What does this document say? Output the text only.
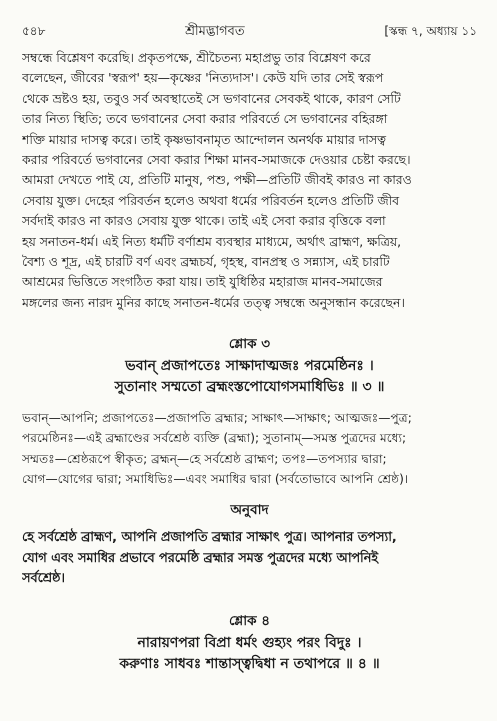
৫৪৮	শ্রীমদ্ভাগবত	[স্কন্ধ ৭, অধ্যায় ১১
সম্বন্ধে বিশ্লেষণ করেছি। প্রকৃতপক্ষে, শ্রীচৈতন্য মহাপ্রভু তার বিশ্লেষণ করে
বলেছেন, জীবের 'স্বরূপ' হয়—কৃষ্ণের 'নিত্যদাস'। কেউ যদি তার সেই স্বরূপ
থেকে ভ্রষ্টও হয়, তবুও সর্ব অবস্থাতেই সে ভগবানের সেবকই থাকে, কারণ সেটি
তার নিত্য স্থিতি; তবে ভগবানের সেবা করার পরিবর্তে সে ভগবানের বহিরঙ্গা
শক্তি মায়ার দাসত্ব করে। তাই কৃষ্ণভাবনামৃত আন্দোলন অনর্থক মায়ার দাসত্ব
করার পরিবর্তে ভগবানের সেবা করার শিক্ষা মানব-সমাজকে দেওয়ার চেষ্টা করছে।
আমরা দেখতে পাই যে, প্রতিটি মানুষ, পশু, পক্ষী—প্রতিটি জীবই কারও না কারও
সেবায় যুক্ত। দেহের পরিবর্তন হলেও অথবা ধর্মের পরিবর্তন হলেও প্রতিটি জীব
সর্বদাই কারও না কারও সেবায় যুক্ত থাকে। তাই এই সেবা করার বৃত্তিকে বলা
হয় সনাতন-ধর্ম। এই নিত্য ধর্মটি বর্ণাশ্রম ব্যবস্থার মাধ্যমে, অর্থাৎ ব্রাহ্মণ, ক্ষত্রিয়,
বৈশ্য ও শূদ্র, এই চারটি বর্ণ এবং ব্রহ্মচর্য, গৃহস্থ, বানপ্রস্থ ও সন্ন্যাস, এই চারটি
আশ্রমের ভিত্তিতে সংগঠিত করা যায়। তাই যুধিষ্ঠির মহারাজ মানব-সমাজের
মঙ্গলের জন্য নারদ মুনির কাছে সনাতন-ধর্মের তত্ত্ব সম্বন্ধে অনুসন্ধান করেছেন।
শ্লোক ৩
ভবান্ প্রজাপতেঃ সাক্ষাদাত্মজঃ পরমেষ্ঠিনঃ ।
সুতানাং সম্মতো ব্রহ্মংস্তপোযোগসমাধিভিঃ ॥ ৩ ॥
ভবান্—আপনি; প্রজাপতেঃ—প্রজাপতি ব্রহ্মার; সাক্ষাৎ—সাক্ষাৎ; আত্মজঃ—পুত্র;
পরমেষ্ঠিনঃ—এই ব্রহ্মাণ্ডের সর্বশ্রেষ্ঠ ব্যক্তি (ব্রহ্মা); সুতানাম্—সমস্ত পুত্রদের মধ্যে;
সম্মতঃ—শ্রেষ্ঠরূপে স্বীকৃত; ব্রহ্মন্—হে সর্বশ্রেষ্ঠ ব্রাহ্মণ; তপঃ—তপস্যার দ্বারা;
যোগ—যোগের দ্বারা; সমাধিভিঃ—এবং সমাধির দ্বারা (সর্বতোভাবে আপনি শ্রেষ্ঠ)।
অনুবাদ
হে সর্বশ্রেষ্ঠ ব্রাহ্মণ, আপনি প্রজাপতি ব্রহ্মার সাক্ষাৎ পুত্র। আপনার তপস্যা,
যোগ এবং সমাধির প্রভাবে পরমেষ্ঠি ব্রহ্মার সমস্ত পুত্রদের মধ্যে আপনিই
সর্বশ্রেষ্ঠ।
শ্লোক ৪
নারায়ণপরা বিপ্রা ধর্মং গুহ্যং পরং বিদুঃ ।
করুণাঃ সাধবঃ শান্তাস্ত্বদ্বিধা ন তথাপরে ॥ ৪ ॥
